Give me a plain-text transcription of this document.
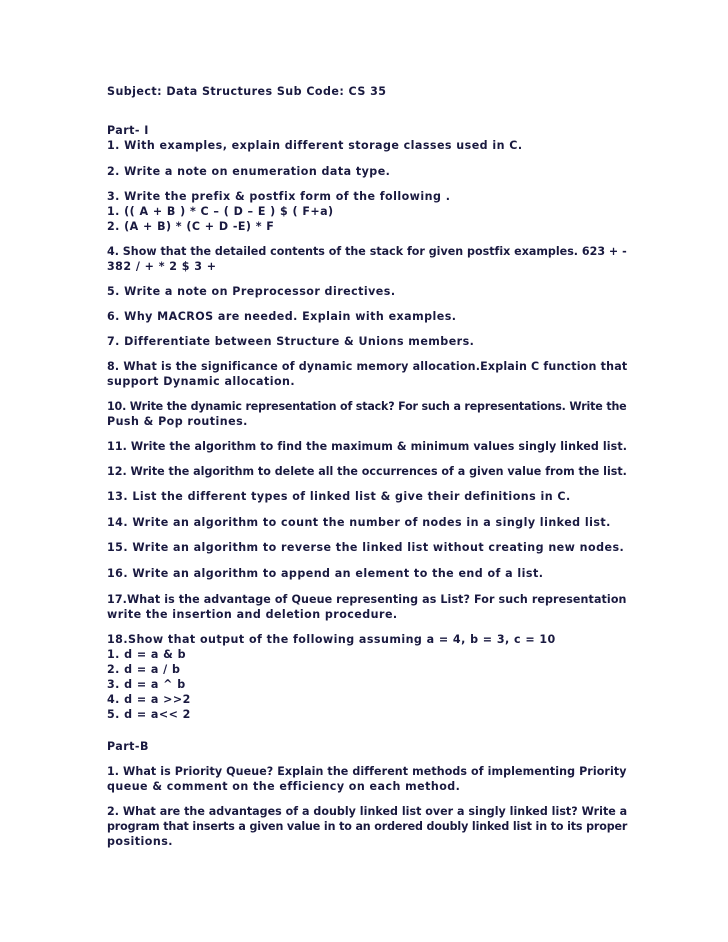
Subject: Data Structures Sub Code: CS 35
Part- I
1. With examples, explain different storage classes used in C.
2. Write a note on enumeration data type.
3. Write the prefix & postfix form of the following .
1. (( A + B ) * C – ( D – E ) $ ( F+a)
2. (A + B) * (C + D -E) * F
4. Show that the detailed contents of the stack for given postfix examples. 623 + -
382 / + * 2 $ 3 +
5. Write a note on Preprocessor directives.
6. Why MACROS are needed. Explain with examples.
7. Differentiate between Structure & Unions members.
8. What is the significance of dynamic memory allocation.Explain C function that
support Dynamic allocation.
10. Write the dynamic representation of stack? For such a representations. Write the
Push & Pop routines.
11. Write the algorithm to find the maximum & minimum values singly linked list.
12. Write the algorithm to delete all the occurrences of a given value from the list.
13. List the different types of linked list & give their definitions in C.
14. Write an algorithm to count the number of nodes in a singly linked list.
15. Write an algorithm to reverse the linked list without creating new nodes.
16. Write an algorithm to append an element to the end of a list.
17.What is the advantage of Queue representing as List? For such representation
write the insertion and deletion procedure.
18.Show that output of the following assuming a = 4, b = 3, c = 10
1. d = a & b
2. d = a / b
3. d = a ^ b
4. d = a >>2
5. d = a<< 2
Part-B
1. What is Priority Queue? Explain the different methods of implementing Priority
queue & comment on the efficiency on each method.
2. What are the advantages of a doubly linked list over a singly linked list? Write a
program that inserts a given value in to an ordered doubly linked list in to its proper
positions.
